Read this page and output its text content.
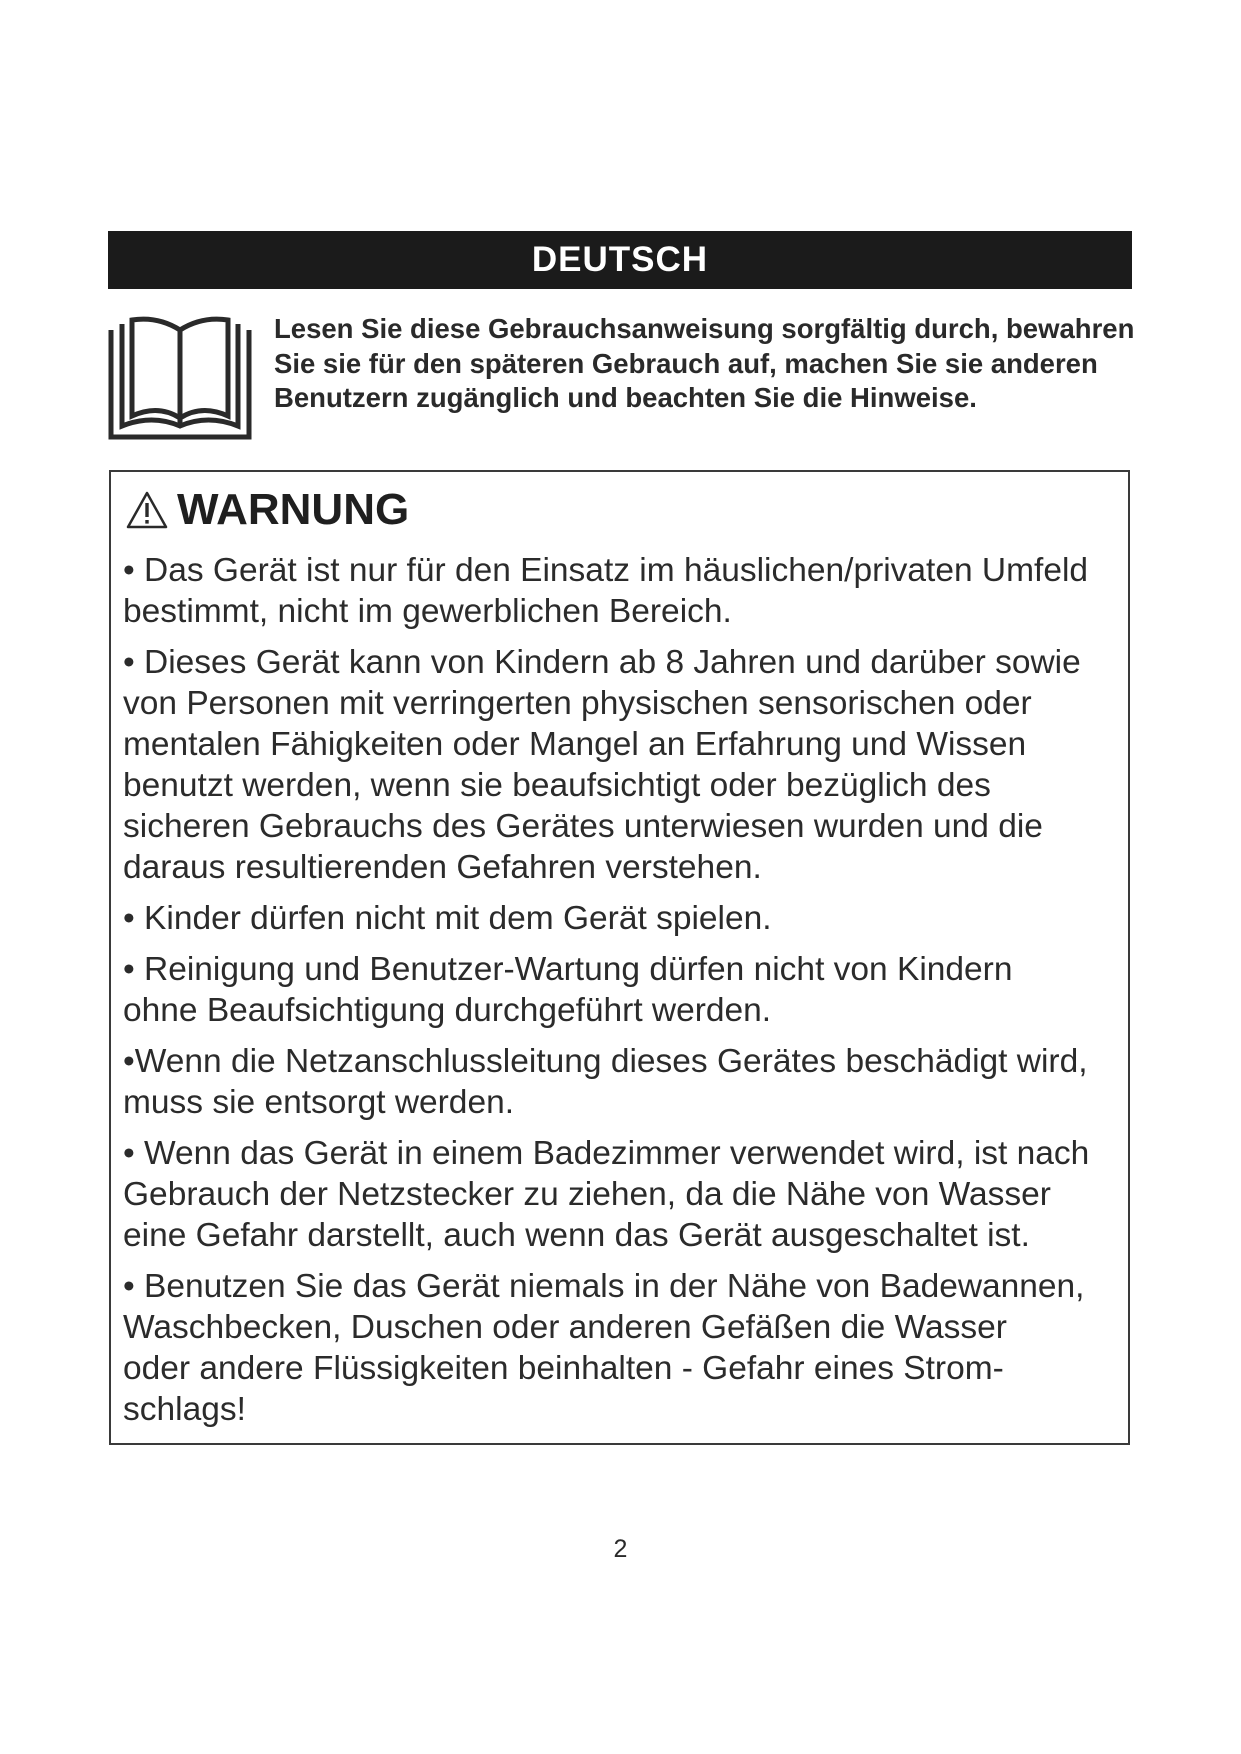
DEUTSCH
Lesen Sie diese Gebrauchsanweisung sorgfältig durch, bewahren
Sie sie für den späteren Gebrauch auf, machen Sie sie anderen
Benutzern zugänglich und beachten Sie die Hinweise.
WARNUNG
• Das Gerät ist nur für den Einsatz im häuslichen/privaten Umfeld
bestimmt, nicht im gewerblichen Bereich.
• Dieses Gerät kann von Kindern ab 8 Jahren und darüber sowie
von Personen mit verringerten physischen sensorischen oder
mentalen Fähigkeiten oder Mangel an Erfahrung und Wissen
benutzt werden, wenn sie beaufsichtigt oder bezüglich des
sicheren Gebrauchs des Gerätes unterwiesen wurden und die
daraus resultierenden Gefahren verstehen.
• Kinder dürfen nicht mit dem Gerät spielen.
• Reinigung und Benutzer-Wartung dürfen nicht von Kindern
ohne Beaufsichtigung durchgeführt werden.
•Wenn die Netzanschlussleitung dieses Gerätes beschädigt wird,
muss sie entsorgt werden.
• Wenn das Gerät in einem Badezimmer verwendet wird, ist nach
Gebrauch der Netzstecker zu ziehen, da die Nähe von Wasser
eine Gefahr darstellt, auch wenn das Gerät ausgeschaltet ist.
• Benutzen Sie das Gerät niemals in der Nähe von Badewannen,
Waschbecken, Duschen oder anderen Gefäßen die Wasser
oder andere Flüssigkeiten beinhalten - Gefahr eines Strom-
schlags!
2
